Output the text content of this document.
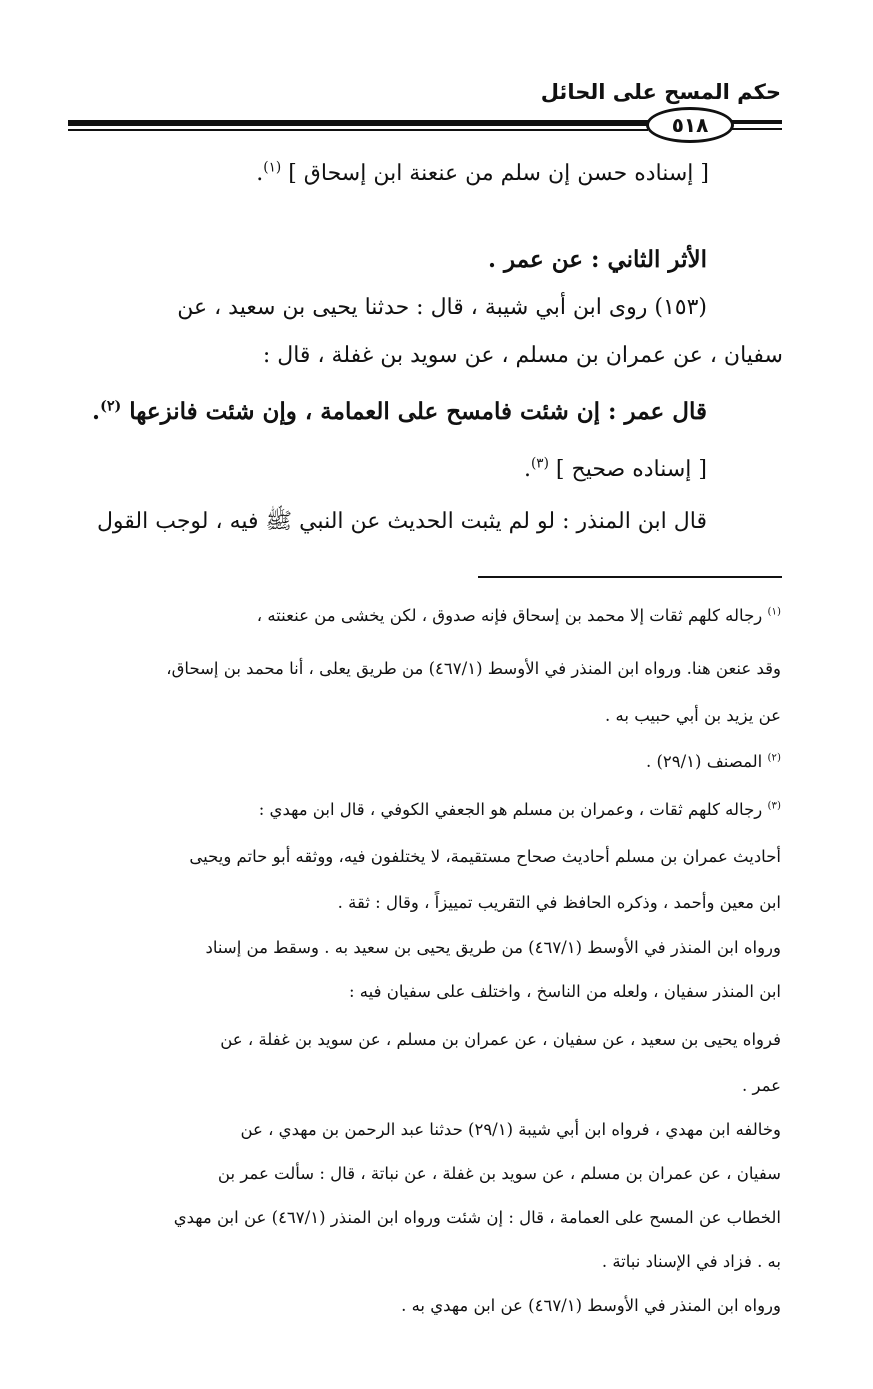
حكم المسح على الحائل
٥١٨
[ إسناده حسن إن سلم من عنعنة ابن إسحاق ] $^{(١)}$.
الأثر الثاني : عن عمر .
(١٥٣) روى ابن أبي شيبة ، قال : حدثنا يحيى بن سعيد ، عن
سفيان ، عن عمران بن مسلم ، عن سويد بن غفلة ، قال :
قال عمر : إن شئت فامسح على العمامة ، وإن شئت فانزعها $^{(٢)}$.
[ إسناده صحيح ] $^{(٣)}$.
قال ابن المنذر : لو لم يثبت الحديث عن النبي ﷺ فيه ، لوجب القول
$^{(١)}$ رجاله كلهم ثقات إلا محمد بن إسحاق فإنه صدوق ، لكن يخشى من عنعنته ،
وقد عنعن هنا. ورواه ابن المنذر في الأوسط (٤٦٧/١) من طريق يعلى ، أنا محمد بن إسحاق،
عن يزيد بن أبي حبيب به .
$^{(٢)}$ المصنف (٢٩/١) .
$^{(٣)}$ رجاله كلهم ثقات ، وعمران بن مسلم هو الجعفي الكوفي ، قال ابن مهدي :
أحاديث عمران بن مسلم أحاديث صحاح مستقيمة، لا يختلفون فيه، ووثقه أبو حاتم ويحيى
ابن معين وأحمد ، وذكره الحافظ في التقريب تمييزاً ، وقال : ثقة .
ورواه ابن المنذر في الأوسط (٤٦٧/١) من طريق يحيى بن سعيد به . وسقط من إسناد
ابن المنذر سفيان ، ولعله من الناسخ ، واختلف على سفيان فيه :
فرواه يحيى بن سعيد ، عن سفيان ، عن عمران بن مسلم ، عن سويد بن غفلة ، عن
عمر .
وخالفه ابن مهدي ، فرواه ابن أبي شيبة (٢٩/١) حدثنا عبد الرحمن بن مهدي ، عن
سفيان ، عن عمران بن مسلم ، عن سويد بن غفلة ، عن نباتة ، قال : سألت عمر بن
الخطاب عن المسح على العمامة ، قال : إن شئت ورواه ابن المنذر (٤٦٧/١) عن ابن مهدي
به . فزاد في الإسناد نباتة .
ورواه ابن المنذر في الأوسط (٤٦٧/١) عن ابن مهدي به .
